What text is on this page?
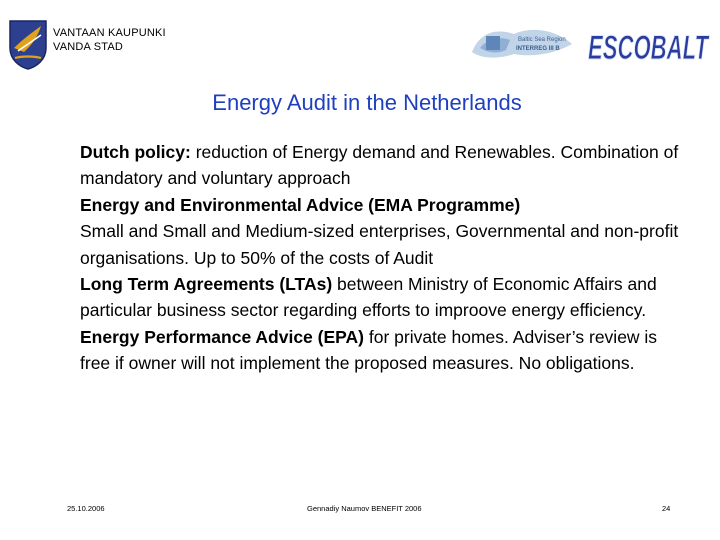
VANTAAN KAUPUNKI
VANDA STAD
Baltic Sea Region
INTERREG III B ESCOBALT
Energy Audit in the Netherlands

Dutch policy: reduction of Energy demand and Renewables. Combination of mandatory and voluntary approach

Energy and Environmental Advice (EMA Programme)

Small and Small and Medium-sized enterprises, Governmental and non-profit organisations. Up to 50% of the costs of Audit

Long Term Agreements (LTAs) between Ministry of Economic Affairs and particular business sector regarding efforts to improove energy efficiency.

Energy Performance Advice (EPA) for private homes. Adviser’s review is free if owner will not implement the proposed measures. No obligations.

25.10.2006	Gennadiy Naumov BENEFIT 2006	24
